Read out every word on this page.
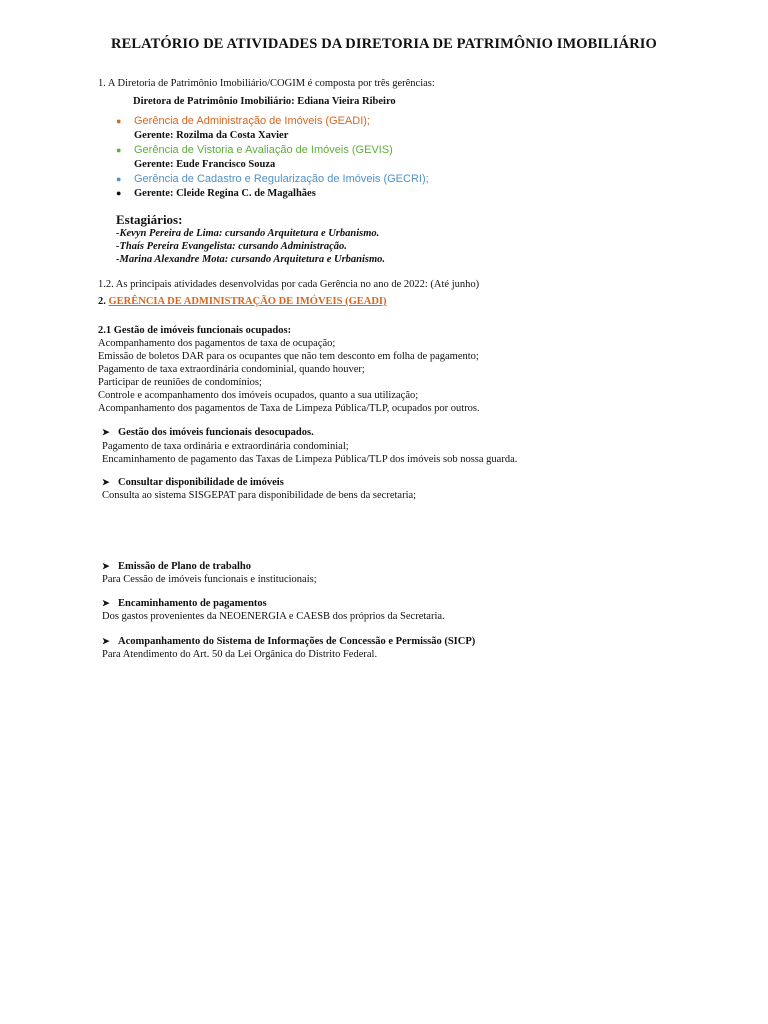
RELATÓRIO DE ATIVIDADES DA DIRETORIA DE PATRIMÔNIO IMOBILIÁRIO
1. A Diretoria de Patrimônio Imobiliário/COGIM é composta por três gerências:
Diretora de Patrimônio Imobiliário: Ediana Vieira Ribeiro
● Gerência de Administração de Imóveis (GEADI);
Gerente: Rozilma da Costa Xavier
● Gerência de Vistoria e Avaliação de Imóveis (GEVIS)
Gerente: Eude Francisco Souza
● Gerência de Cadastro e Regularização de Imóveis (GECRI);
● Gerente: Cleide Regina C. de Magalhães
Estagiários:
-Kevyn Pereira de Lima: cursando Arquitetura e Urbanismo.
-Thaís Pereira Evangelista: cursando Administração.
-Marina Alexandre Mota: cursando Arquitetura e Urbanismo.
1.2. As principais atividades desenvolvidas por cada Gerência no ano de 2022: (Até junho)
2. GERÊNCIA DE ADMINISTRAÇÃO DE IMÓVEIS (GEADI)
2.1 Gestão de imóveis funcionais ocupados:
Acompanhamento dos pagamentos de taxa de ocupação;
Emissão de boletos DAR para os ocupantes que não tem desconto em folha de pagamento;
Pagamento de taxa extraordinária condominial, quando houver;
Participar de reuniões de condomínios;
Controle e acompanhamento dos imóveis ocupados, quanto a sua utilização;
Acompanhamento dos pagamentos de Taxa de Limpeza Pública/TLP, ocupados por outros.
➤ Gestão dos imóveis funcionais desocupados.
Pagamento de taxa ordinária e extraordinária condominial;
Encaminhamento de pagamento das Taxas de Limpeza Pública/TLP dos imóveis sob nossa guarda.
➤ Consultar disponibilidade de imóveis
Consulta ao sistema SISGEPAT para disponibilidade de bens da secretaria;
➤ Emissão de Plano de trabalho
Para Cessão de imóveis funcionais e institucionais;
➤ Encaminhamento de pagamentos
Dos gastos provenientes da NEOENERGIA e CAESB dos próprios da Secretaria.
➤ Acompanhamento do Sistema de Informações de Concessão e Permissão (SICP)
Para Atendimento do Art. 50 da Lei Orgânica do Distrito Federal.
